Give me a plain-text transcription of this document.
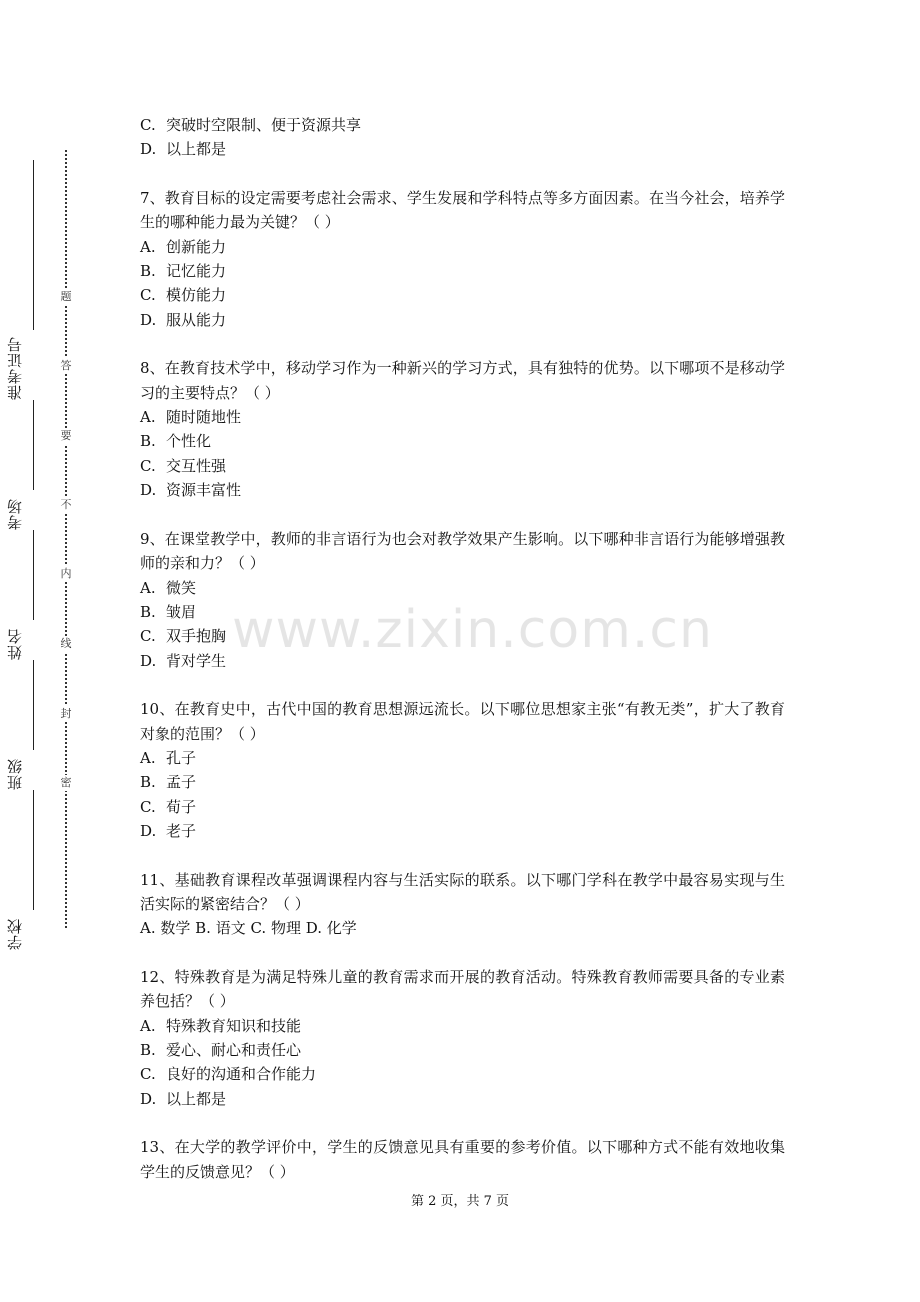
准考证号
考场
姓名
班级
学校
题
答
要
不
内
线
封
密

C. 突破时空限制、便于资源共享

D. 以上都是

7、教育目标的设定需要考虑社会需求、学生发展和学科特点等多方面因素。在当今社会，培养学生的哪种能力最为关键？（ ）

A. 创新能力

B. 记忆能力

C. 模仿能力

D. 服从能力

8、在教育技术学中，移动学习作为一种新兴的学习方式，具有独特的优势。以下哪项不是移动学习的主要特点？（ ）

A. 随时随地性

B. 个性化

C. 交互性强

D. 资源丰富性

9、在课堂教学中，教师的非言语行为也会对教学效果产生影响。以下哪种非言语行为能够增强教师的亲和力？（ ）

A. 微笑

B. 皱眉

C. 双手抱胸

D. 背对学生

10、在教育史中，古代中国的教育思想源远流长。以下哪位思想家主张“有教无类”，扩大了教育对象的范围？（ ）

A. 孔子

B. 孟子

C. 荀子

D. 老子

11、基础教育课程改革强调课程内容与生活实际的联系。以下哪门学科在教学中最容易实现与生活实际的紧密结合？（ ）

A. 数学 B. 语文 C. 物理 D. 化学

12、特殊教育是为满足特殊儿童的教育需求而开展的教育活动。特殊教育教师需要具备的专业素养包括？（ ）

A. 特殊教育知识和技能

B. 爱心、耐心和责任心

C. 良好的沟通和合作能力

D. 以上都是

13、在大学的教学评价中，学生的反馈意见具有重要的参考价值。以下哪种方式不能有效地收集学生的反馈意见？（ ）

第 2 页，共 7 页
www.zixin.com.cn
